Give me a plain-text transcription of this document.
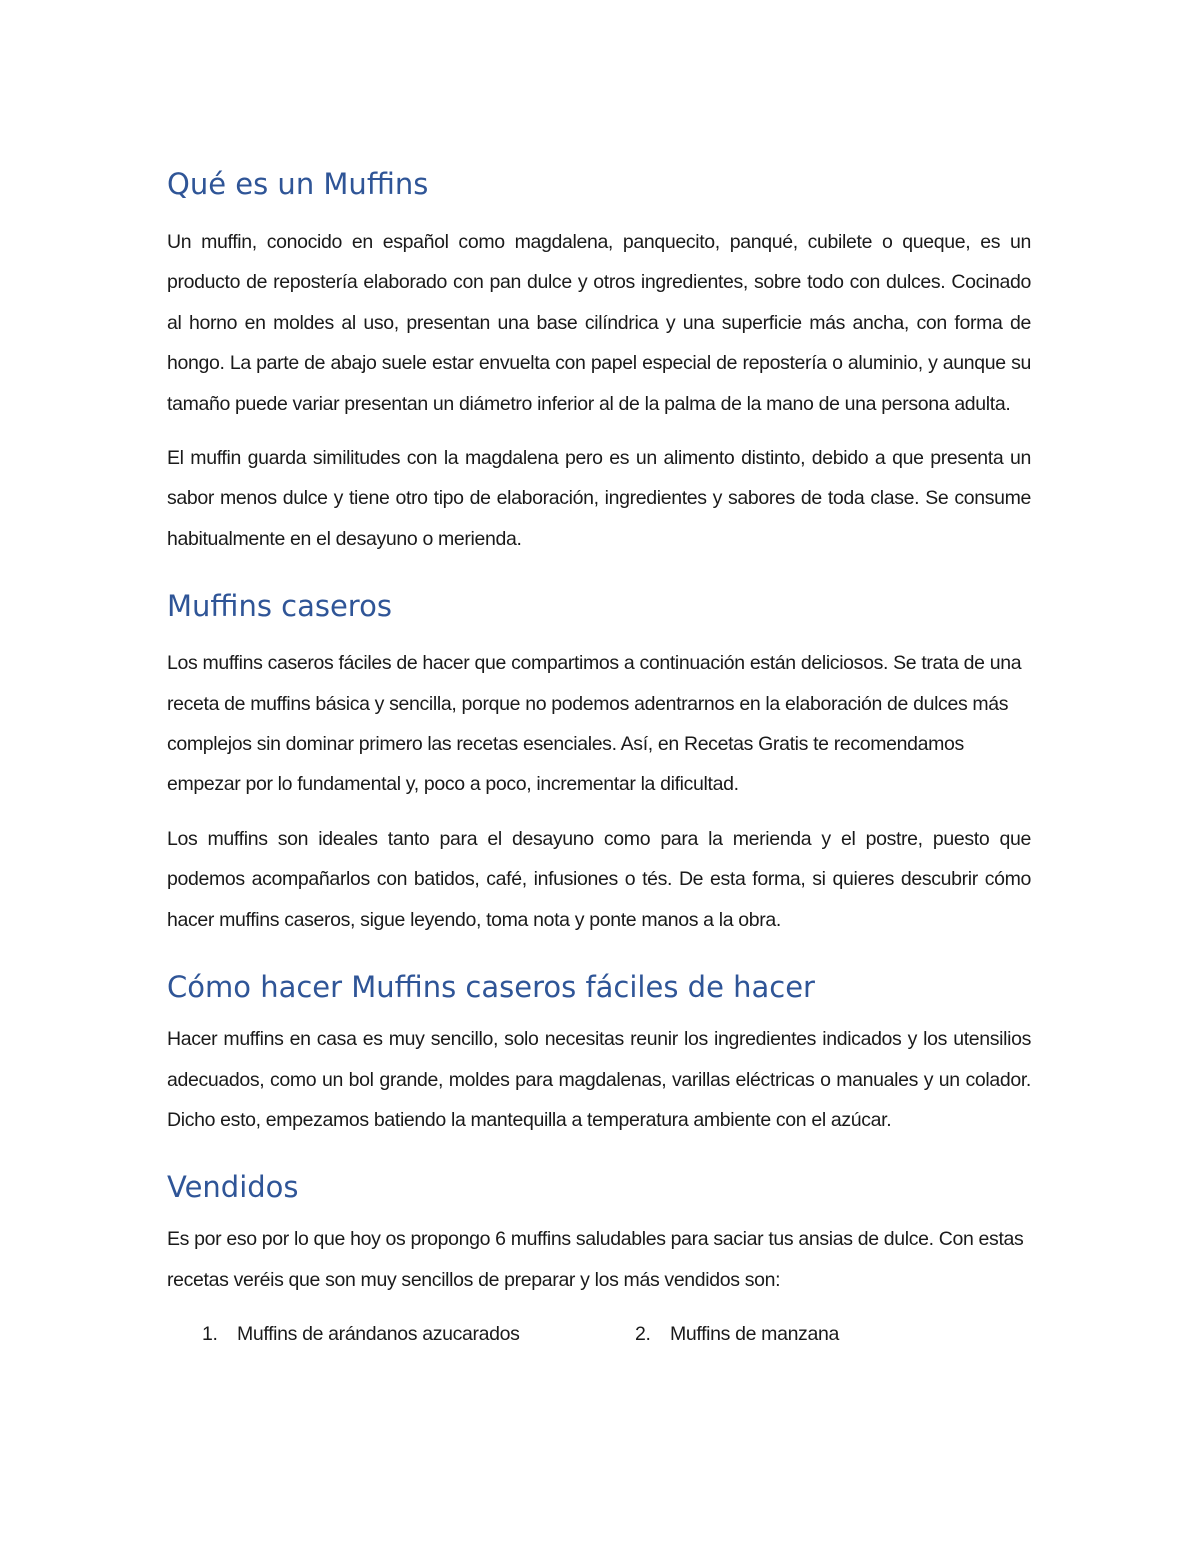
Qué es un Muffins

Un muffin, conocido en español como magdalena, panquecito, panqué, cubilete o queque, es un producto de repostería elaborado con pan dulce y otros ingredientes, sobre todo con dulces. Cocinado al horno en moldes al uso, presentan una base cilíndrica y una superficie más ancha, con forma de hongo. La parte de abajo suele estar envuelta con papel especial de repostería o aluminio, y aunque su tamaño puede variar presentan un diámetro inferior al de la palma de la mano de una persona adulta.

El muffin guarda similitudes con la magdalena pero es un alimento distinto, debido a que presenta un sabor menos dulce y tiene otro tipo de elaboración, ingredientes y sabores de toda clase. Se consume habitualmente en el desayuno o merienda.

Muffins caseros

Los muffins caseros fáciles de hacer que compartimos a continuación están deliciosos. Se trata de una receta de muffins básica y sencilla, porque no podemos adentrarnos en la elaboración de dulces más complejos sin dominar primero las recetas esenciales. Así, en Recetas Gratis te recomendamos empezar por lo fundamental y, poco a poco, incrementar la dificultad.

Los muffins son ideales tanto para el desayuno como para la merienda y el postre, puesto que podemos acompañarlos con batidos, café, infusiones o tés. De esta forma, si quieres descubrir cómo hacer muffins caseros, sigue leyendo, toma nota y ponte manos a la obra.

Cómo hacer Muffins caseros fáciles de hacer

Hacer muffins en casa es muy sencillo, solo necesitas reunir los ingredientes indicados y los utensilios adecuados, como un bol grande, moldes para magdalenas, varillas eléctricas o manuales y un colador. Dicho esto, empezamos batiendo la mantequilla a temperatura ambiente con el azúcar.

Vendidos

Es por eso por lo que hoy os propongo 6 muffins saludables para saciar tus ansias de dulce. Con estas recetas veréis que son muy sencillos de preparar y los más vendidos son:

1. Muffins de arándanos azucarados	2. Muffins de manzana
